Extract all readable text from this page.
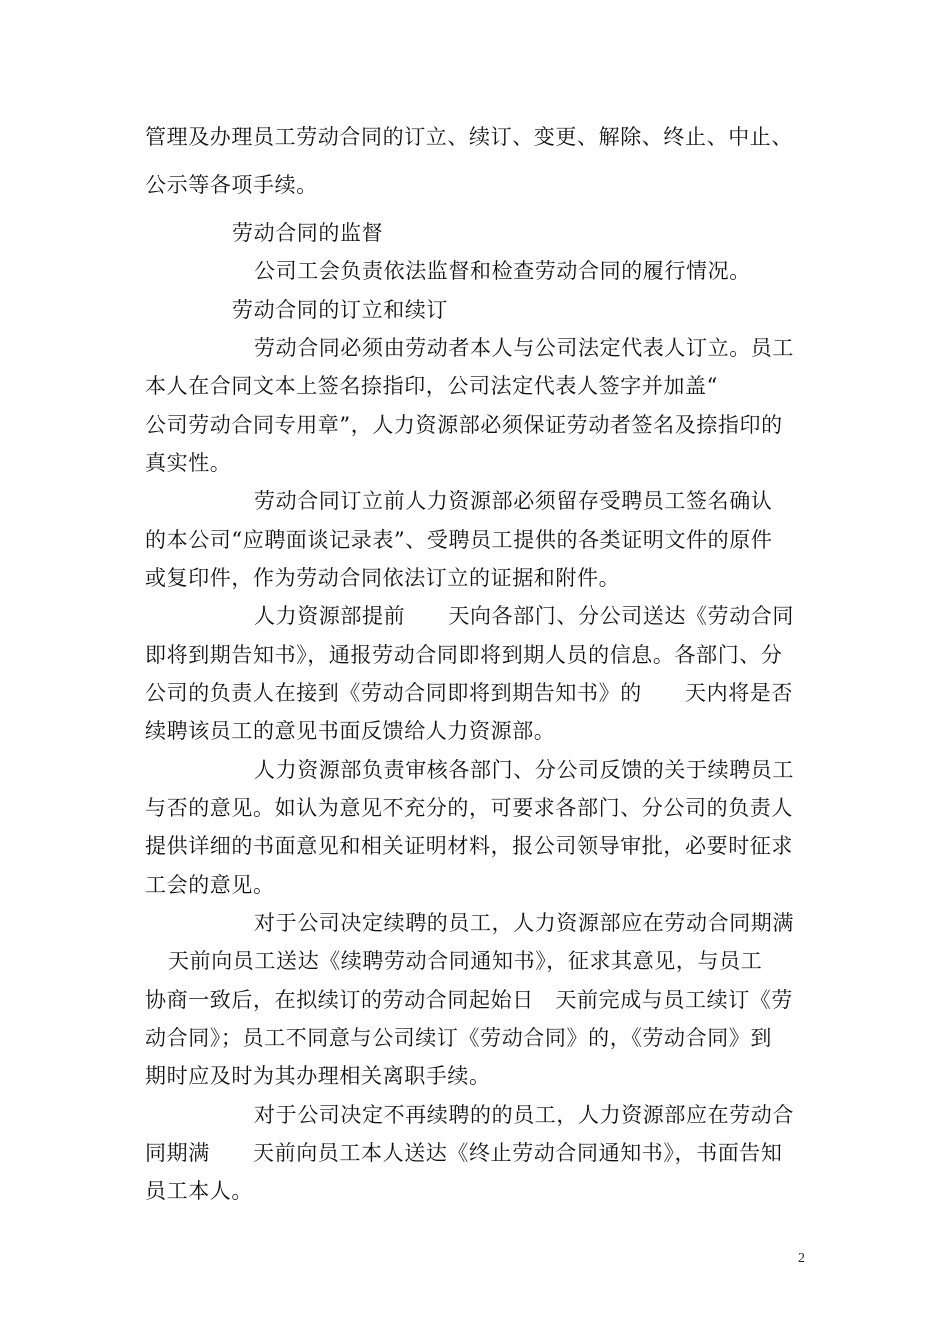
管理及办理员工劳动合同的订立、续订、变更、解除、终止、中止、
公示等各项手续。
劳动合同的监督
公司工会负责依法监督和检查劳动合同的履行情况。
劳动合同的订立和续订
劳动合同必须由劳动者本人与公司法定代表人订立。员工
本人在合同文本上签名捺指印，公司法定代表人签字并加盖“
公司劳动合同专用章”，人力资源部必须保证劳动者签名及捺指印的
真实性。
劳动合同订立前人力资源部必须留存受聘员工签名确认
的本公司“应聘面谈记录表”、受聘员工提供的各类证明文件的原件
或复印件，作为劳动合同依法订立的证据和附件。
人力资源部提前　　天向各部门、分公司送达《劳动合同
即将到期告知书》，通报劳动合同即将到期人员的信息。各部门、分
公司的负责人在接到《劳动合同即将到期告知书》的　　天内将是否
续聘该员工的意见书面反馈给人力资源部。
人力资源部负责审核各部门、分公司反馈的关于续聘员工
与否的意见。如认为意见不充分的，可要求各部门、分公司的负责人
提供详细的书面意见和相关证明材料，报公司领导审批，必要时征求
工会的意见。
对于公司决定续聘的员工，人力资源部应在劳动合同期满
天前向员工送达《续聘劳动合同通知书》，征求其意见，与员工
协商一致后，在拟续订的劳动合同起始日　天前完成与员工续订《劳
动合同》；员工不同意与公司续订《劳动合同》的，《劳动合同》到
期时应及时为其办理相关离职手续。
对于公司决定不再续聘的的员工，人力资源部应在劳动合
同期满　　天前向员工本人送达《终止劳动合同通知书》，书面告知
员工本人。
2
